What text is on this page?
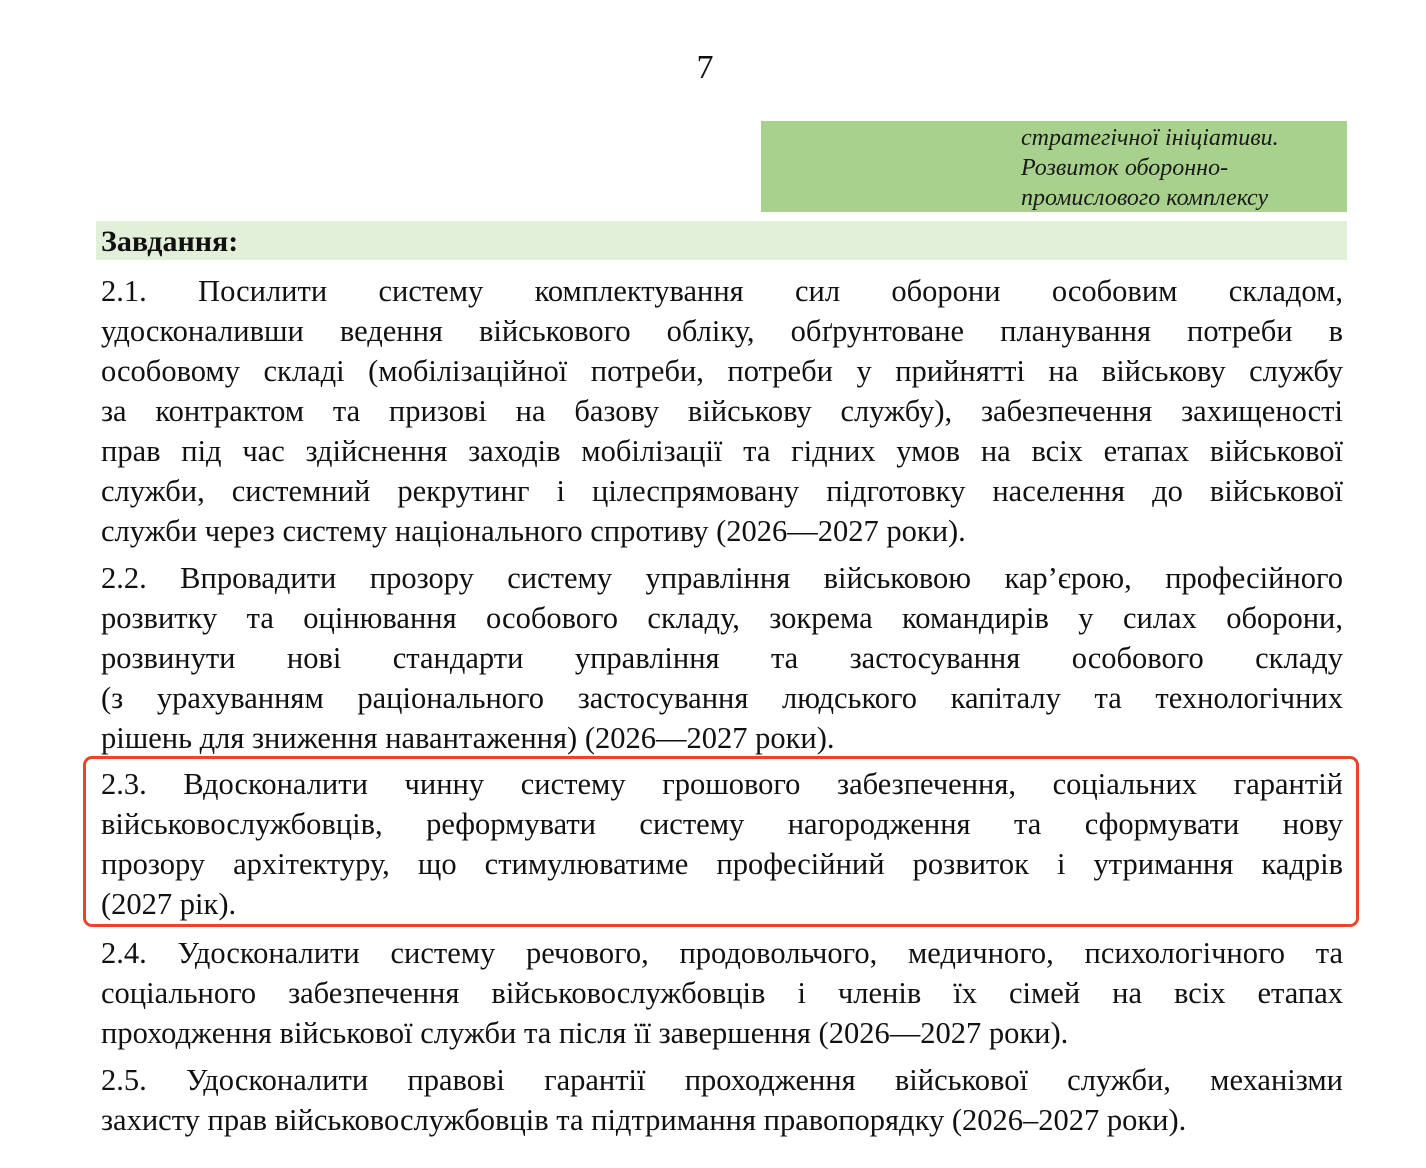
7
стратегічної ініціативи.
Розвиток оборонно-
промислового комплексу
Завдання:
2.1. Посилити систему комплектування сил оборони особовим складом,
удосконаливши ведення військового обліку, обґрунтоване планування потреби в
особовому складі (мобілізаційної потреби, потреби у прийнятті на військову службу
за контрактом та призові на базову військову службу), забезпечення захищеності
прав під час здійснення заходів мобілізації та гідних умов на всіх етапах військової
служби, системний рекрутинг і цілеспрямовану підготовку населення до військової
служби через систему національного спротиву (2026—2027 роки).
2.2. Впровадити прозору систему управління військовою кар’єрою, професійного
розвитку та оцінювання особового складу, зокрема командирів у силах оборони,
розвинути нові стандарти управління та застосування особового складу
(з урахуванням раціонального застосування людського капіталу та технологічних
рішень для зниження навантаження) (2026—2027 роки).
2.3. Вдосконалити чинну систему грошового забезпечення, соціальних гарантій
військовослужбовців, реформувати систему нагородження та сформувати нову
прозору архітектуру, що стимулюватиме професійний розвиток і утримання кадрів
(2027 рік).
2.4. Удосконалити систему речового, продовольчого, медичного, психологічного та
соціального забезпечення військовослужбовців і членів їх сімей на всіх етапах
проходження військової служби та після її завершення (2026—2027 роки).
2.5. Удосконалити правові гарантії проходження військової служби, механізми
захисту прав військовослужбовців та підтримання правопорядку (2026–2027 роки).
